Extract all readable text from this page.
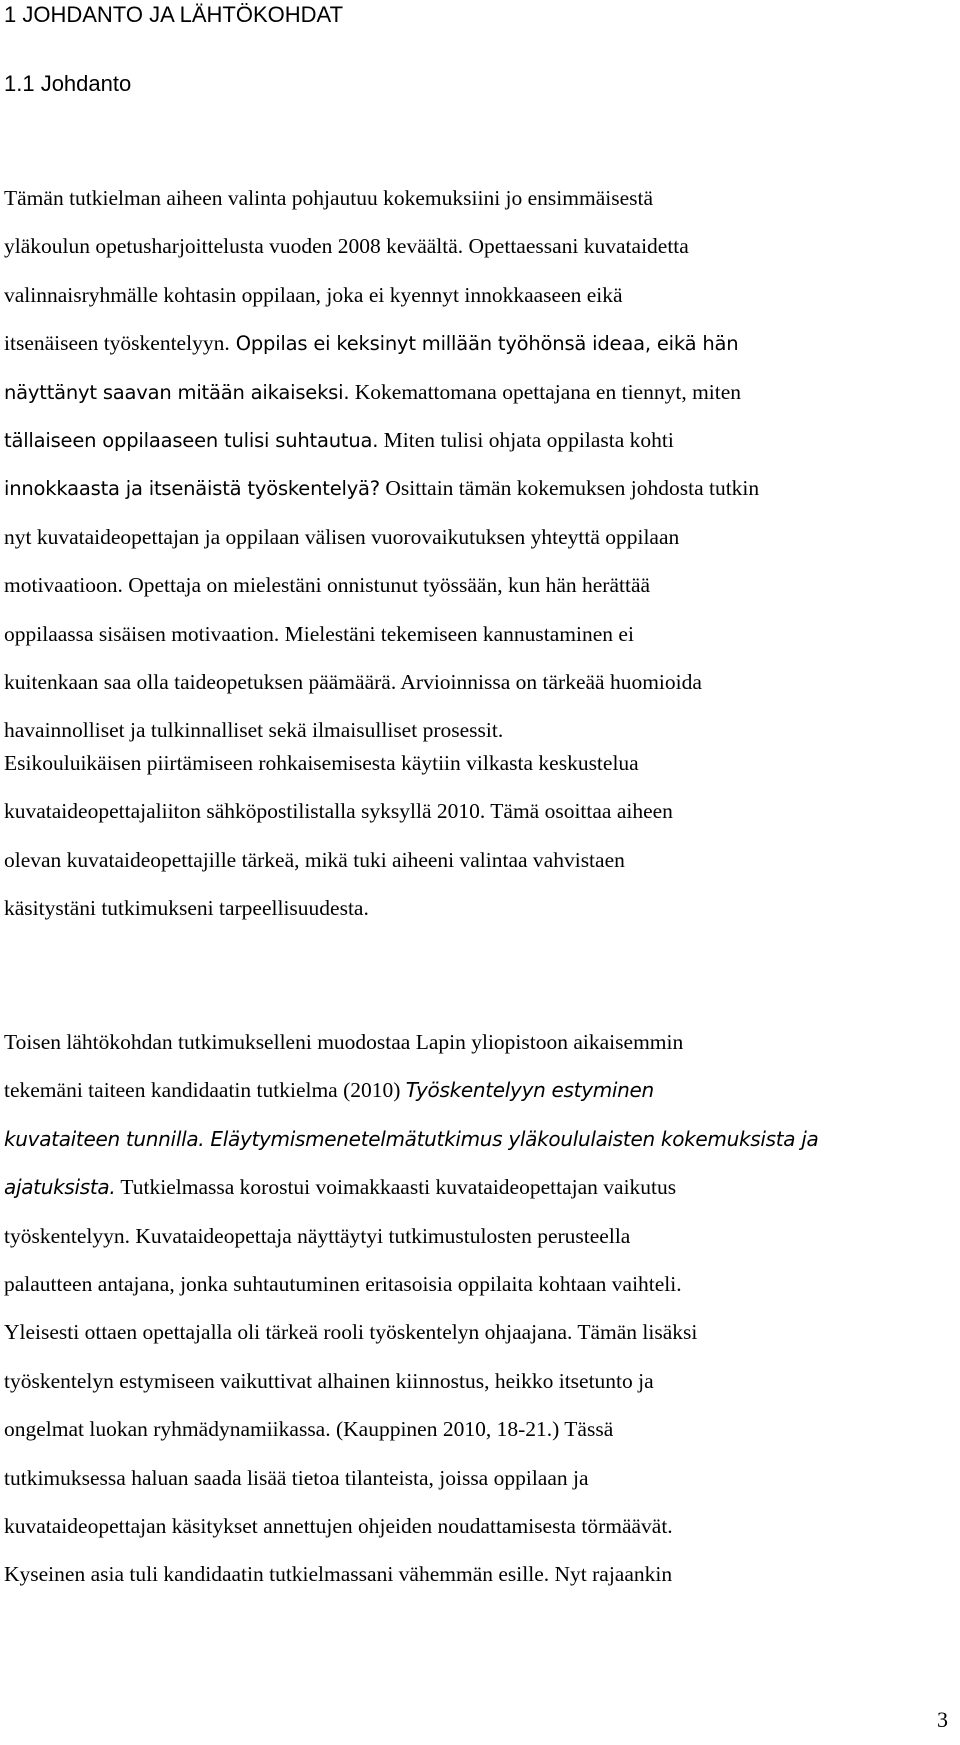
1 JOHDANTO JA LÄHTÖKOHDAT
1.1 Johdanto
Tämän tutkielman aiheen valinta pohjautuu kokemuksiini jo ensimmäisestä
yläkoulun opetusharjoittelusta vuoden 2008 keväältä. Opettaessani kuvataidetta
valinnaisryhmälle kohtasin oppilaan, joka ei kyennyt innokkaaseen eikä
itsenäiseen työskentelyyn. Oppilas ei keksinyt millään työhönsä ideaa, eikä hän
näyttänyt saavan mitään aikaiseksi. Kokemattomana opettajana en tiennyt, miten
tällaiseen oppilaaseen tulisi suhtautua. Miten tulisi ohjata oppilasta kohti
innokkaasta ja itsenäistä työskentelyä? Osittain tämän kokemuksen johdosta tutkin
nyt kuvataideopettajan ja oppilaan välisen vuorovaikutuksen yhteyttä oppilaan
motivaatioon. Opettaja on mielestäni onnistunut työssään, kun hän herättää
oppilaassa sisäisen motivaation. Mielestäni tekemiseen kannustaminen ei
kuitenkaan saa olla taideopetuksen päämäärä. Arvioinnissa on tärkeää huomioida
havainnolliset ja tulkinnalliset sekä ilmaisulliset prosessit.
Esikouluikäisen piirtämiseen rohkaisemisesta käytiin vilkasta keskustelua
kuvataideopettajaliiton sähköpostilistalla syksyllä 2010. Tämä osoittaa aiheen
olevan kuvataideopettajille tärkeä, mikä tuki aiheeni valintaa vahvistaen
käsitystäni tutkimukseni tarpeellisuudesta.
Toisen lähtökohdan tutkimukselleni muodostaa Lapin yliopistoon aikaisemmin
tekemäni taiteen kandidaatin tutkielma (2010) Työskentelyyn estyminen
kuvataiteen tunnilla. Eläytymismenetelmätutkimus yläkoululaisten kokemuksista ja
ajatuksista. Tutkielmassa korostui voimakkaasti kuvataideopettajan vaikutus
työskentelyyn. Kuvataideopettaja näyttäytyi tutkimustulosten perusteella
palautteen antajana, jonka suhtautuminen eritasoisia oppilaita kohtaan vaihteli.
Yleisesti ottaen opettajalla oli tärkeä rooli työskentelyn ohjaajana. Tämän lisäksi
työskentelyn estymiseen vaikuttivat alhainen kiinnostus, heikko itsetunto ja
ongelmat luokan ryhmädynamiikassa. (Kauppinen 2010, 18-21.) Tässä
tutkimuksessa haluan saada lisää tietoa tilanteista, joissa oppilaan ja
kuvataideopettajan käsitykset annettujen ohjeiden noudattamisesta törmäävät.
Kyseinen asia tuli kandidaatin tutkielmassani vähemmän esille. Nyt rajaankin
3
